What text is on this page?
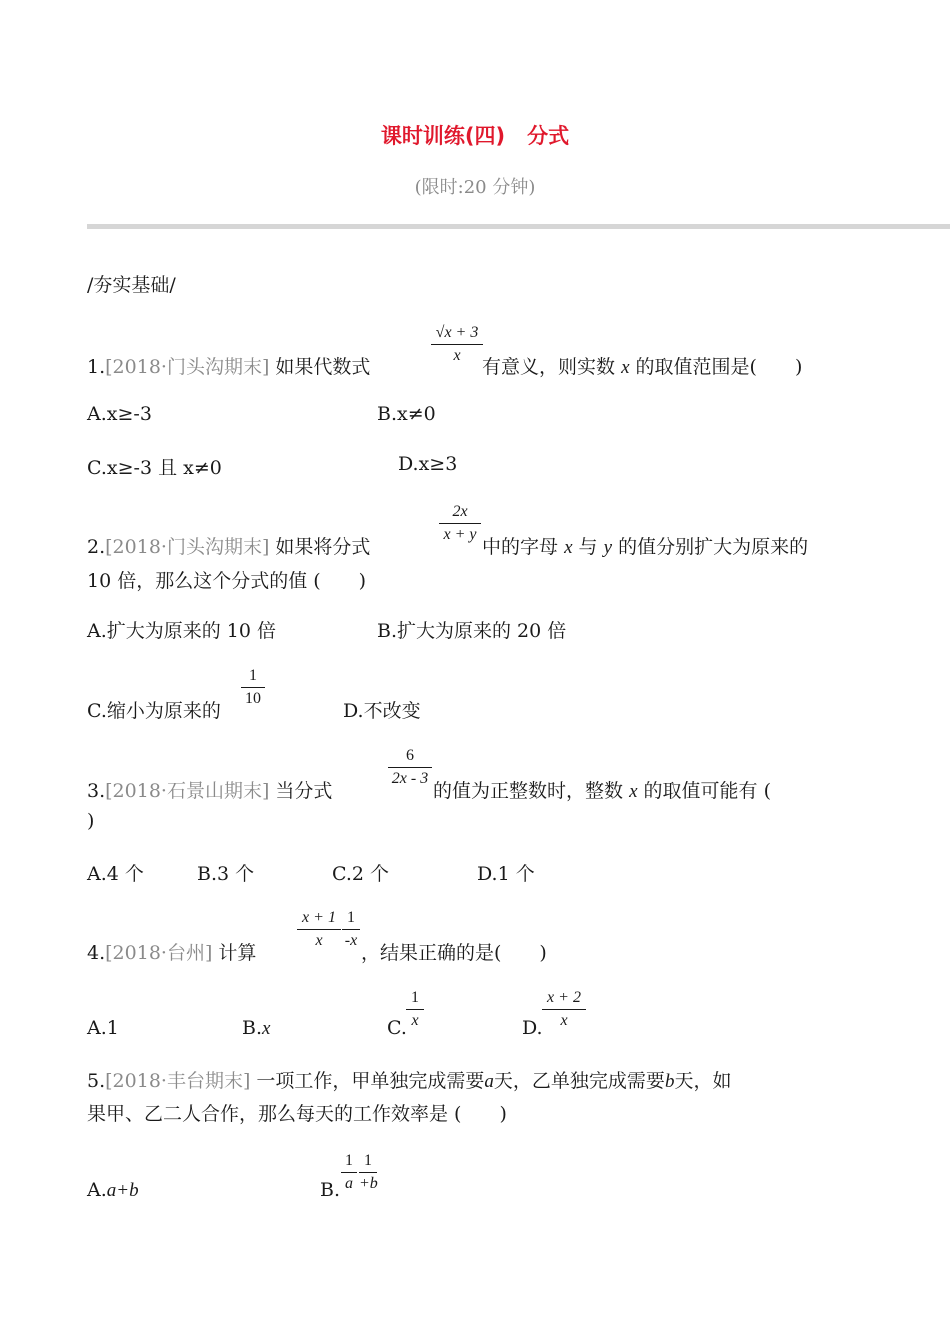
课时训练(四) 分式
(限时:20 分钟)
/夯实基础/
$\frac{√x + 3}{x}$
1.[2018·门头沟期末] 如果代数式	有意义，则实数 x 的取值范围是(　　)
A.x≥-3	B.x≠0
C.x≥-3 且 x≠0	D.x≥3
$\frac{2x}{x + y}$
2.[2018·门头沟期末] 如果将分式	中的字母 x 与 y 的值分别扩大为原来的
10 倍，那么这个分式的值 (　　)
A.扩大为原来的 10 倍	B.扩大为原来的 20 倍
C.缩小为原来的
$\frac{1}{10}$
D.不改变
$\frac{6}{2x - 3}$
3.[2018·石景山期末] 当分式	的值为正整数时，整数 x 的取值可能有 (
)
A.4 个	B.3 个	C.2 个	D.1 个
$\frac{x + 1}{x} \frac{1}{-x}$
4.[2018·台州] 计算	，结果正确的是(　　)
A.1	B.x	C. $\frac{1}{x}$	D. $\frac{x + 2}{x}$
5.[2018·丰台期末] 一项工作，甲单独完成需要a天，乙单独完成需要b天，如
果甲、乙二人合作，那么每天的工作效率是 (　　)
A.a+b	B. $\frac{1}{a} \frac{1}{+b}$
